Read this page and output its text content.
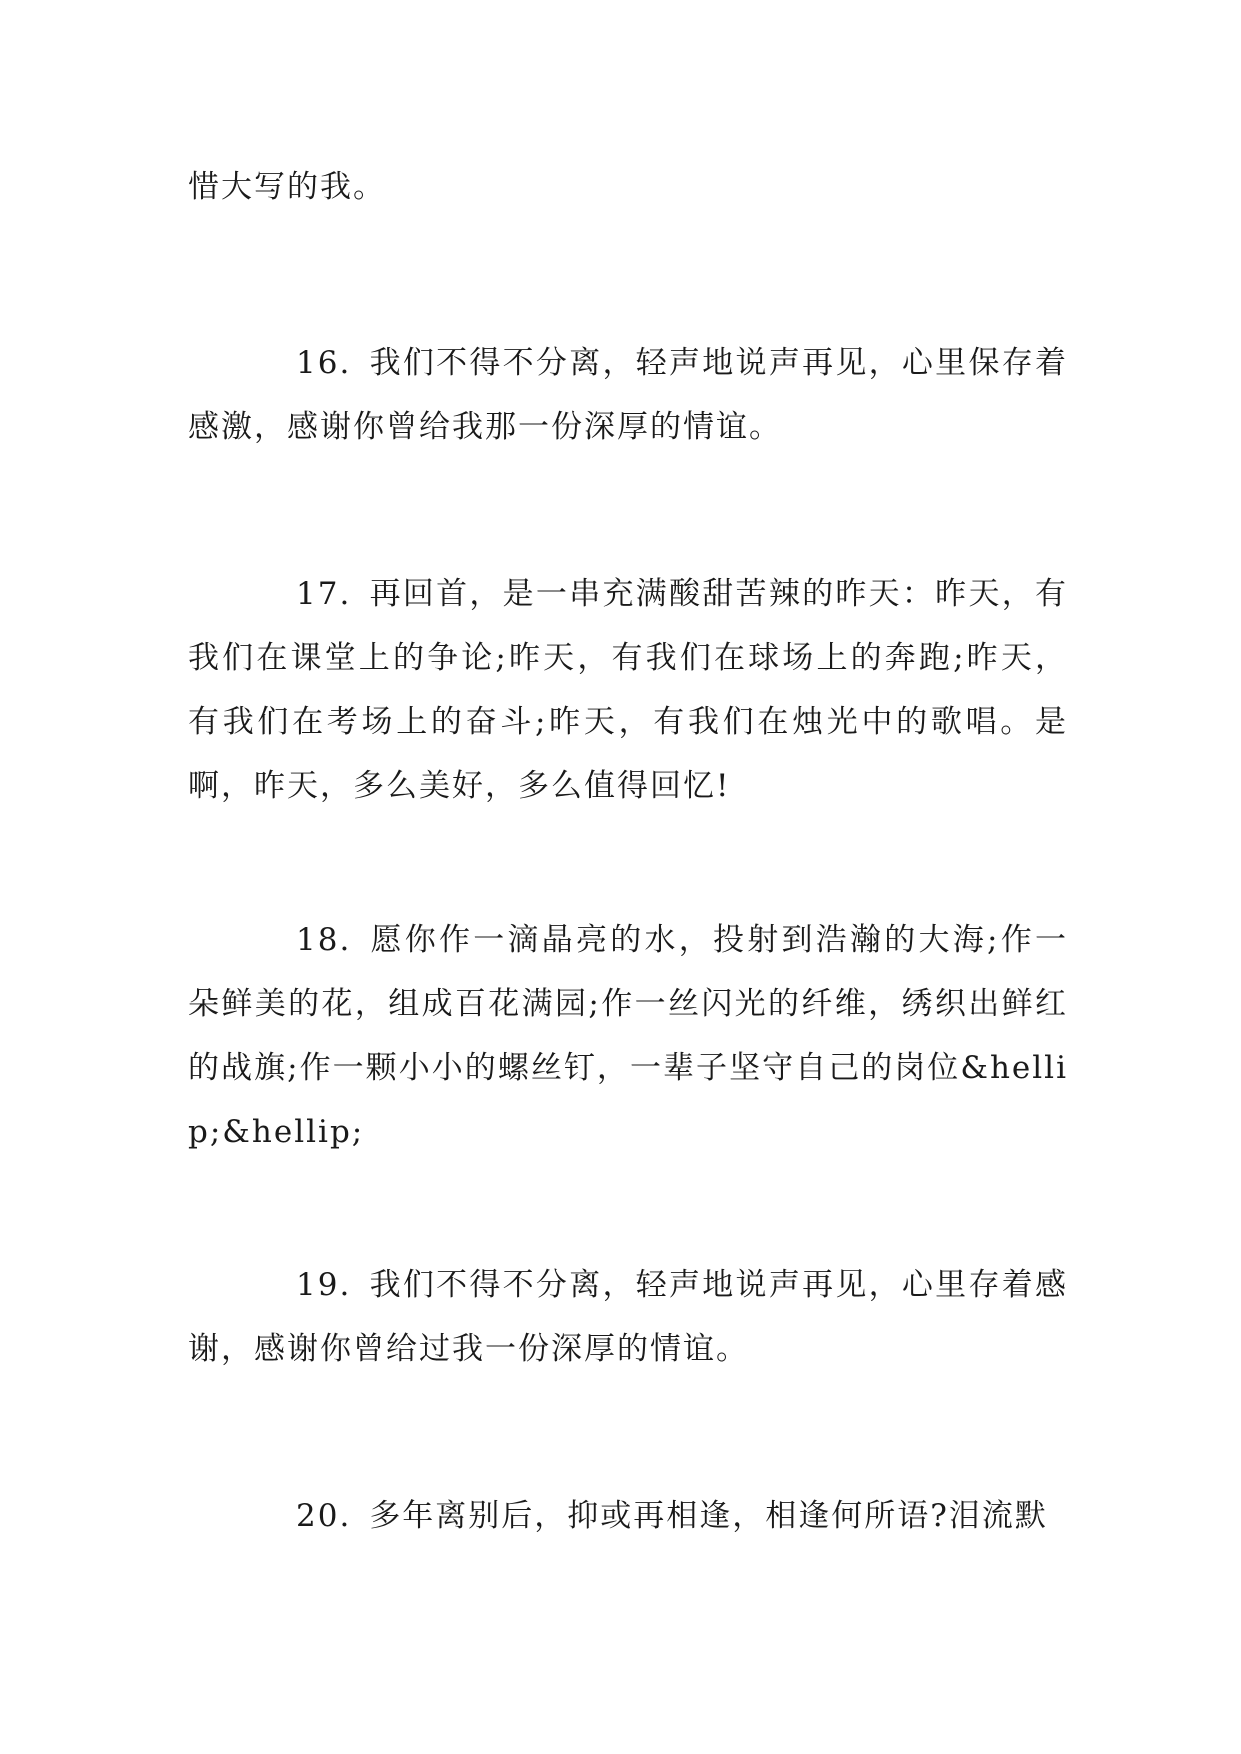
惜大写的我。

16. 我们不得不分离，轻声地说声再见，心里保存着感激，感谢你曾给我那一份深厚的情谊。

17. 再回首，是一串充满酸甜苦辣的昨天：昨天，有我们在课堂上的争论;昨天，有我们在球场上的奔跑;昨天，有我们在考场上的奋斗;昨天，有我们在烛光中的歌唱。是啊，昨天，多么美好，多么值得回忆!

18. 愿你作一滴晶亮的水，投射到浩瀚的大海;作一朵鲜美的花，组成百花满园;作一丝闪光的纤维，绣织出鲜红的战旗;作一颗小小的螺丝钉，一辈子坚守自己的岗位&hellip;&hellip;

19. 我们不得不分离，轻声地说声再见，心里存着感谢，感谢你曾给过我一份深厚的情谊。

20. 多年离别后，抑或再相逢，相逢何所语?泪流默
